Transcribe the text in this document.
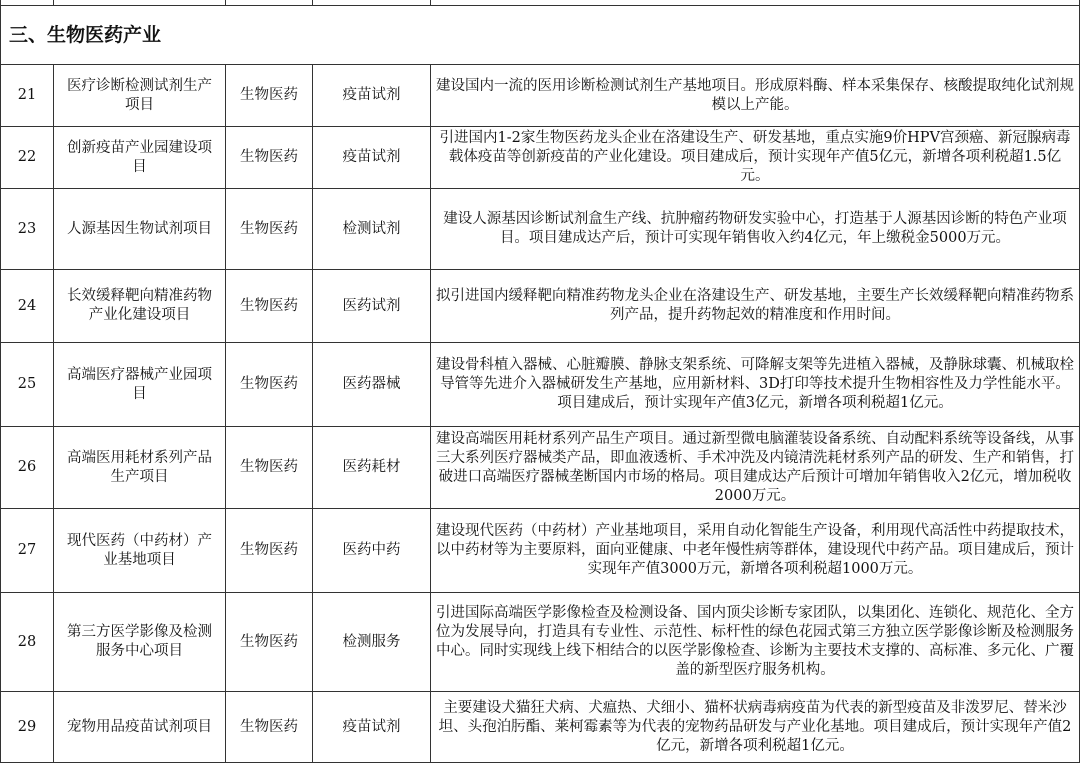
三、生物医药产业				
21	医疗诊断检测试剂生产项目	生物医药	疫苗试剂	建设国内一流的医用诊断检测试剂生产基地项目。形成原料酶、样本采集保存、核酸提取纯化试剂规模以上产能。
22	创新疫苗产业园建设项目	生物医药	疫苗试剂	引进国内1-2家生物医药龙头企业在洛建设生产、研发基地，重点实施9价HPV宫颈癌、新冠腺病毒载体疫苗等创新疫苗的产业化建设。项目建成后，预计实现年产值5亿元，新增各项利税超1.5亿元。
23	人源基因生物试剂项目	生物医药	检测试剂	建设人源基因诊断试剂盒生产线、抗肿瘤药物研发实验中心，打造基于人源基因诊断的特色产业项目。项目建成达产后，预计可实现年销售收入约4亿元，年上缴税金5000万元。
24	长效缓释靶向精准药物产业化建设项目	生物医药	医药试剂	拟引进国内缓释靶向精准药物龙头企业在洛建设生产、研发基地，主要生产长效缓释靶向精准药物系列产品，提升药物起效的精准度和作用时间。
25	高端医疗器械产业园项目	生物医药	医药器械	建设骨科植入器械、心脏瓣膜、静脉支架系统、可降解支架等先进植入器械，及静脉球囊、机械取栓导管等先进介入器械研发生产基地，应用新材料、3D打印等技术提升生物相容性及力学性能水平。项目建成后，预计实现年产值3亿元，新增各项利税超1亿元。
26	高端医用耗材系列产品生产项目	生物医药	医药耗材	建设高端医用耗材系列产品生产项目。通过新型微电脑灌装设备系统、自动配料系统等设备线，从事三大系列医疗器械类产品，即血液透析、手术冲洗及内镜清洗耗材系列产品的研发、生产和销售，打破进口高端医疗器械垄断国内市场的格局。项目建成达产后预计可增加年销售收入2亿元，增加税收2000万元。
27	现代医药（中药材）产业基地项目	生物医药	医药中药	建设现代医药（中药材）产业基地项目，采用自动化智能生产设备，利用现代高活性中药提取技术，以中药材等为主要原料，面向亚健康、中老年慢性病等群体，建设现代中药产品。项目建成后，预计实现年产值3000万元，新增各项利税超1000万元。
28	第三方医学影像及检测服务中心项目	生物医药	检测服务	引进国际高端医学影像检查及检测设备、国内顶尖诊断专家团队，以集团化、连锁化、规范化、全方位为发展导向，打造具有专业性、示范性、标杆性的绿色花园式第三方独立医学影像诊断及检测服务中心。同时实现线上线下相结合的以医学影像检查、诊断为主要技术支撑的、高标准、多元化、广覆盖的新型医疗服务机构。
29	宠物用品疫苗试剂项目	生物医药	疫苗试剂	主要建设犬猫狂犬病、犬瘟热、犬细小、猫杯状病毒病疫苗为代表的新型疫苗及非泼罗尼、替米沙坦、头孢泊肟酯、莱柯霉素等为代表的宠物药品研发与产业化基地。项目建成后，预计实现年产值2亿元，新增各项利税超1亿元。
